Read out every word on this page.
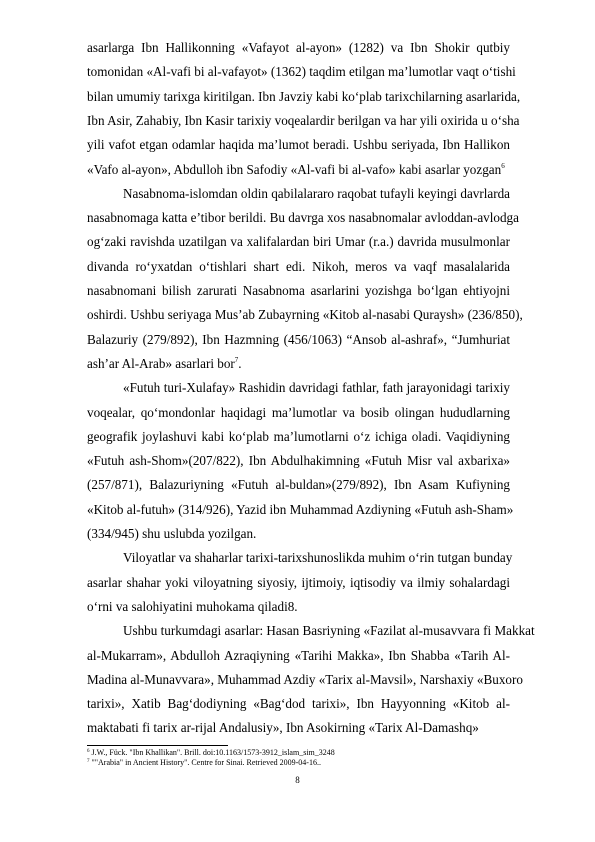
asarlarga Ibn Hallikonning «Vafayot al-ayon» (1282) va Ibn Shokir qutbiy
tomonidan «Al-vafi bi al-vafayot» (1362) taqdim etilgan ma’lumotlar vaqt o‘tishi
bilan umumiy tarixga kiritilgan. Ibn Javziy kabi ko‘plab tarixchilarning asarlarida,
Ibn Asir, Zahabiy, Ibn Kasir tarixiy voqealardir berilgan va har yili oxirida u o‘sha
yili vafot etgan odamlar haqida ma’lumot beradi. Ushbu seriyada, Ibn Hallikon
«Vafo al-ayon», Abdulloh ibn Safodiy «Al-vafi bi al-vafo» kabi asarlar yozgan$^6$
Nasabnoma-islomdan oldin qabilalararo raqobat tufayli keyingi davrlarda
nasabnomaga katta e’tibor berildi. Bu davrga xos nasabnomalar avloddan-avlodga
og‘zaki ravishda uzatilgan va xalifalardan biri Umar (r.a.) davrida musulmonlar
divanda ro‘yxatdan o‘tishlari shart edi. Nikoh, meros va vaqf masalalarida
nasabnomani bilish zarurati Nasabnoma asarlarini yozishga bo‘lgan ehtiyojni
oshirdi. Ushbu seriyaga Mus’ab Zubayrning «Kitob al-nasabi Quraysh» (236/850),
Balazuriy (279/892), Ibn Hazmning (456/1063) “Ansob al-ashraf», “Jumhuriat
ash’ar Al-Arab» asarlari bor$^7$.
«Futuh turi-Xulafay» Rashidin davridagi fathlar, fath jarayonidagi tarixiy
voqealar, qo‘mondonlar haqidagi ma’lumotlar va bosib olingan hududlarning
geografik joylashuvi kabi ko‘plab ma’lumotlarni o‘z ichiga oladi. Vaqidiyning
«Futuh ash-Shom»(207/822), Ibn Abdulhakimning «Futuh Misr val axbarixa»
(257/871), Balazuriyning «Futuh al-buldan»(279/892), Ibn Asam Kufiyning
«Kitob al-futuh» (314/926), Yazid ibn Muhammad Azdiyning «Futuh ash-Sham»
(334/945) shu uslubda yozilgan.
Viloyatlar va shaharlar tarixi-tarixshunoslikda muhim o‘rin tutgan bunday
asarlar shahar yoki viloyatning siyosiy, ijtimoiy, iqtisodiy va ilmiy sohalardagi
o‘rni va salohiyatini muhokama qiladi8.
Ushbu turkumdagi asarlar: Hasan Basriyning «Fazilat al-musavvara fi Makkat
al-Mukarram», Abdulloh Azraqiyning «Tarihi Makka», Ibn Shabba «Tarih Al-
Madina al-Munavvara», Muhammad Azdiy «Tarix al-Mavsil», Narshaxiy «Buxoro
tarixi», Xatib Bag‘dodiyning «Bag‘dod tarixi», Ibn Hayyonning «Kitob al-
maktabati fi tarix ar-rijal Andalusiy», Ibn Asokirning «Tarix Al-Damashq»
$^6$ J.W., Fück. "Ibn Khallikan". Brill. doi:10.1163/1573-3912_islam_sim_3248
$^7$ ""Arabia" in Ancient History". Centre for Sinai. Retrieved 2009-04-16..
8
